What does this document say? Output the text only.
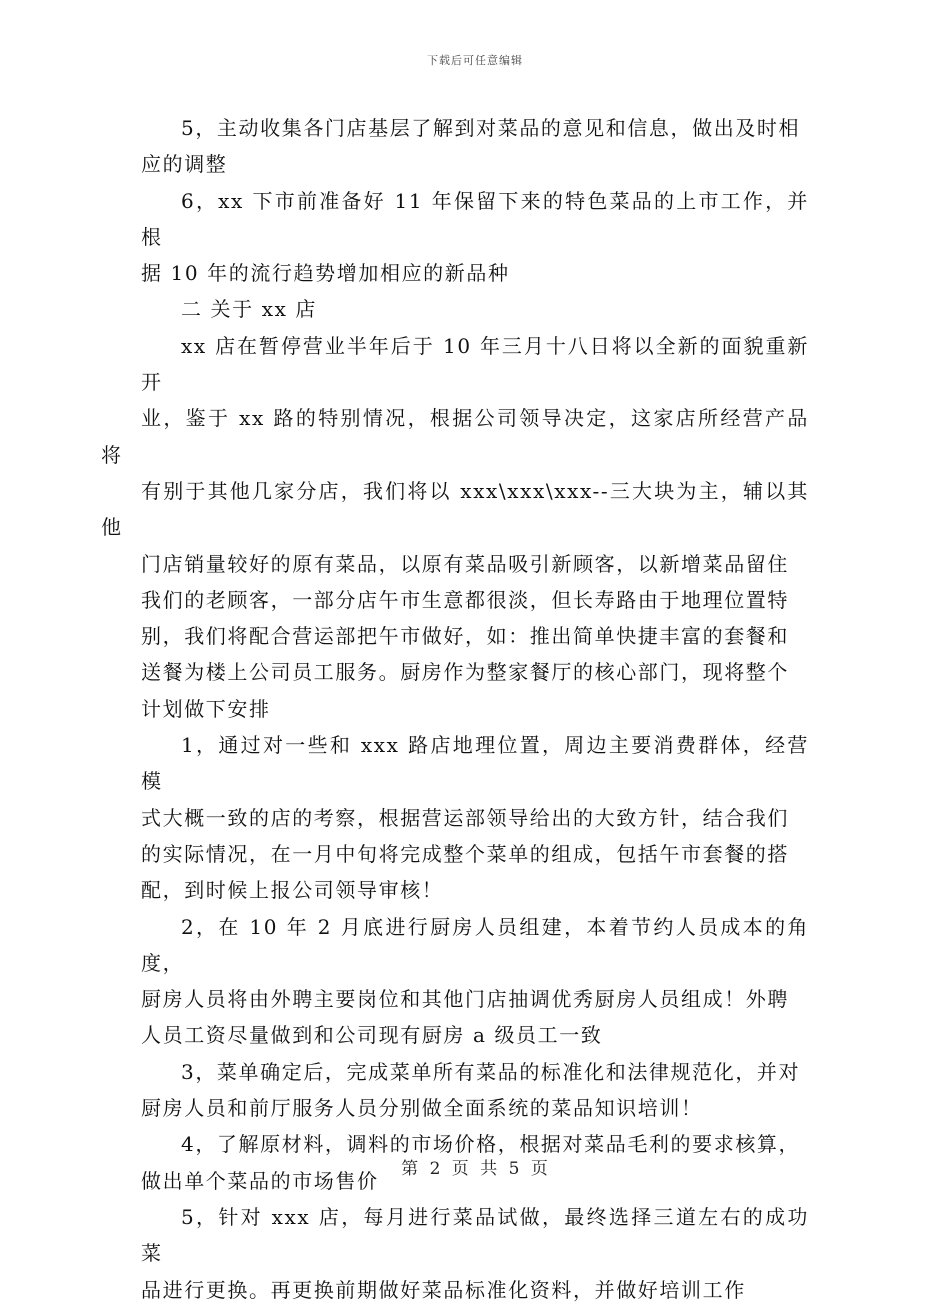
下载后可任意编辑

5，主动收集各门店基层了解到对菜品的意见和信息，做出及时相
应的调整

6，xx 下市前准备好 11 年保留下来的特色菜品的上市工作，并根
据 10 年的流行趋势增加相应的新品种

二 关于 xx 店

xx 店在暂停营业半年后于 10 年三月十八日将以全新的面貌重新开
业，鉴于 xx 路的特别情况，根据公司领导决定，这家店所经营产品将
有别于其他几家分店，我们将以 xxx\xxx\xxx--三大块为主，辅以其他
门店销量较好的原有菜品，以原有菜品吸引新顾客，以新增菜品留住
我们的老顾客，一部分店午市生意都很淡，但长寿路由于地理位置特
别，我们将配合营运部把午市做好，如：推出简单快捷丰富的套餐和
送餐为楼上公司员工服务。厨房作为整家餐厅的核心部门，现将整个
计划做下安排

1，通过对一些和 xxx 路店地理位置，周边主要消费群体，经营模
式大概一致的店的考察，根据营运部领导给出的大致方针，结合我们
的实际情况，在一月中旬将完成整个菜单的组成，包括午市套餐的搭
配，到时候上报公司领导审核！

2，在 10 年 2 月底进行厨房人员组建，本着节约人员成本的角度，
厨房人员将由外聘主要岗位和其他门店抽调优秀厨房人员组成！外聘
人员工资尽量做到和公司现有厨房 a 级员工一致

3，菜单确定后，完成菜单所有菜品的标准化和法律规范化，并对
厨房人员和前厅服务人员分别做全面系统的菜品知识培训！

4，了解原材料，调料的市场价格，根据对菜品毛利的要求核算，
做出单个菜品的市场售价

5，针对 xxx 店，每月进行菜品试做，最终选择三道左右的成功菜
品进行更换。再更换前期做好菜品标准化资料，并做好培训工作

第 2 页 共 5 页
